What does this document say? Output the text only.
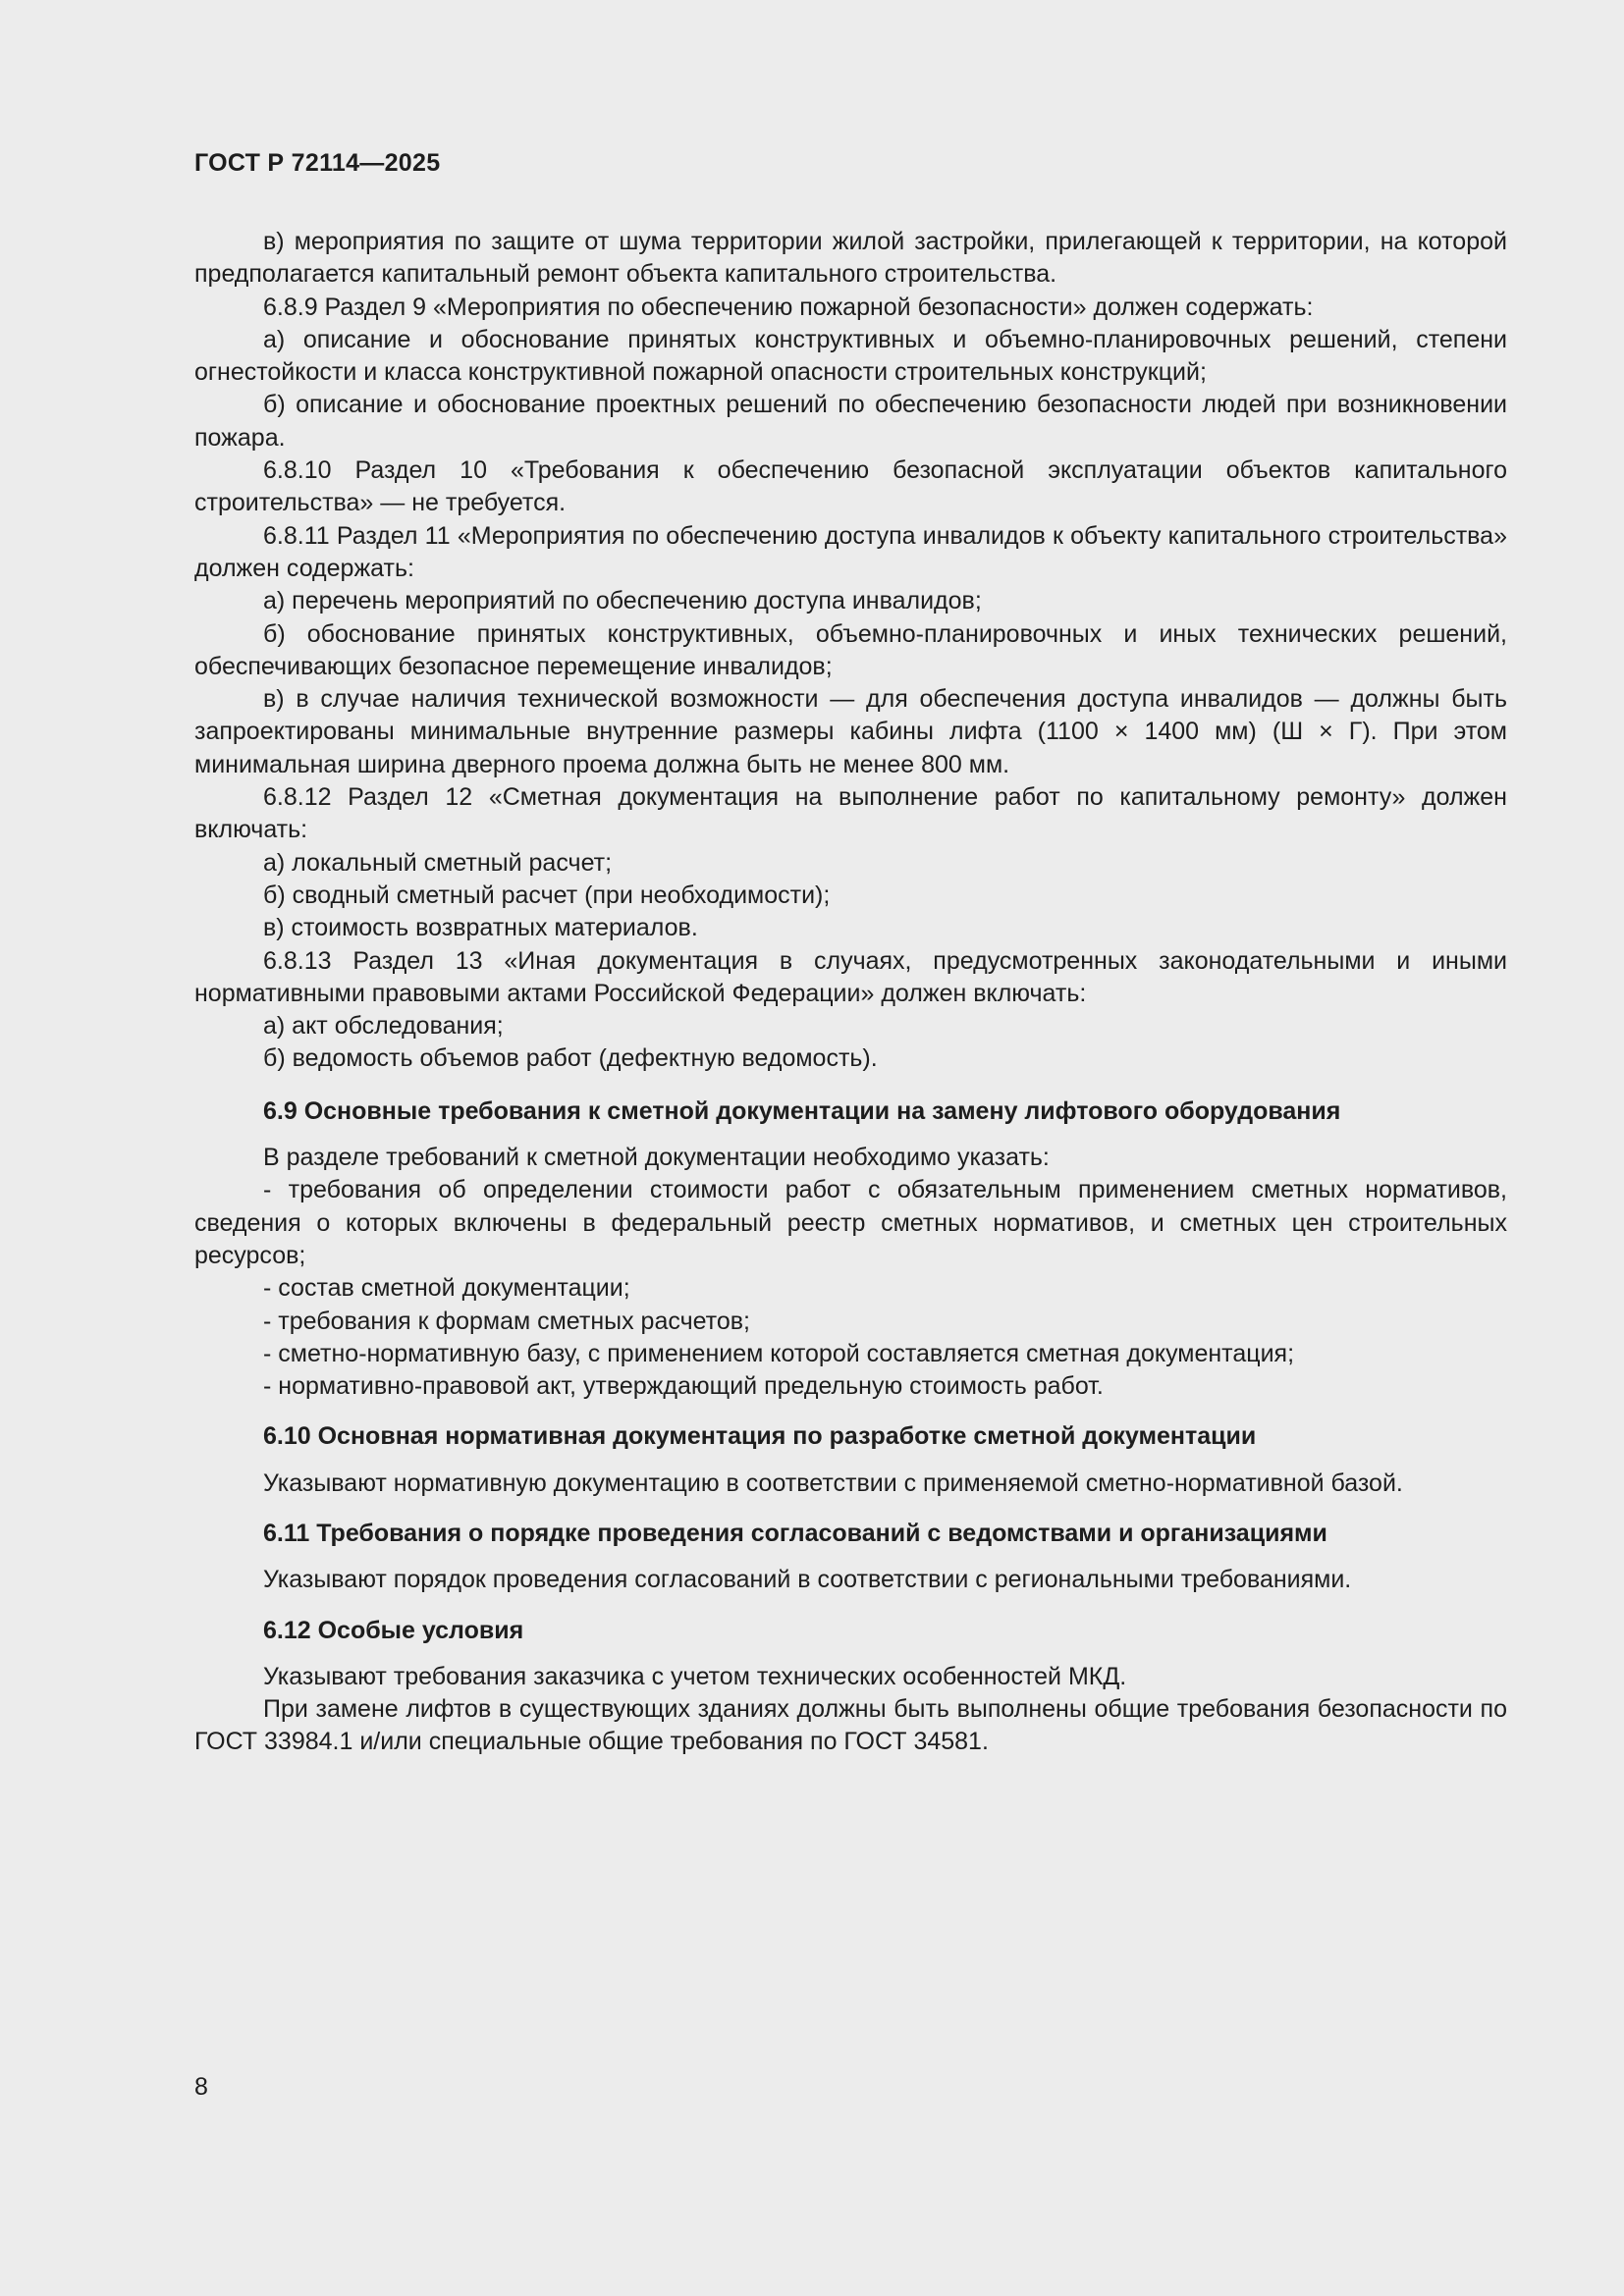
ГОСТ Р 72114—2025

в) мероприятия по защите от шума территории жилой застройки, прилегающей к территории, на которой предполагается капитальный ремонт объекта капитального строительства.

6.8.9 Раздел 9 «Мероприятия по обеспечению пожарной безопасности» должен содержать:

а) описание и обоснование принятых конструктивных и объемно-планировочных решений, степени огнестойкости и класса конструктивной пожарной опасности строительных конструкций;

б) описание и обоснование проектных решений по обеспечению безопасности людей при возникновении пожара.

6.8.10 Раздел 10 «Требования к обеспечению безопасной эксплуатации объектов капитального строительства» — не требуется.

6.8.11 Раздел 11 «Мероприятия по обеспечению доступа инвалидов к объекту капитального строительства» должен содержать:

а) перечень мероприятий по обеспечению доступа инвалидов;

б) обоснование принятых конструктивных, объемно-планировочных и иных технических решений, обеспечивающих безопасное перемещение инвалидов;

в) в случае наличия технической возможности — для обеспечения доступа инвалидов — должны быть запроектированы минимальные внутренние размеры кабины лифта (1100 × 1400 мм) (Ш × Г). При этом минимальная ширина дверного проема должна быть не менее 800 мм.

6.8.12 Раздел 12 «Сметная документация на выполнение работ по капитальному ремонту» должен включать:

а) локальный сметный расчет;

б) сводный сметный расчет (при необходимости);

в) стоимость возвратных материалов.

6.8.13 Раздел 13 «Иная документация в случаях, предусмотренных законодательными и иными нормативными правовыми актами Российской Федерации» должен включать:

а) акт обследования;

б) ведомость объемов работ (дефектную ведомость).

6.9 Основные требования к сметной документации на замену лифтового оборудования

В разделе требований к сметной документации необходимо указать:

- требования об определении стоимости работ с обязательным применением сметных нормативов, сведения о которых включены в федеральный реестр сметных нормативов, и сметных цен строительных ресурсов;

- состав сметной документации;

- требования к формам сметных расчетов;

- сметно-нормативную базу, с применением которой составляется сметная документация;

- нормативно-правовой акт, утверждающий предельную стоимость работ.

6.10 Основная нормативная документация по разработке сметной документации

Указывают нормативную документацию в соответствии с применяемой сметно-нормативной базой.

6.11 Требования о порядке проведения согласований с ведомствами и организациями

Указывают порядок проведения согласований в соответствии с региональными требованиями.

6.12 Особые условия

Указывают требования заказчика с учетом технических особенностей МКД.

При замене лифтов в существующих зданиях должны быть выполнены общие требования безопасности по ГОСТ 33984.1 и/или специальные общие требования по ГОСТ 34581.

8
